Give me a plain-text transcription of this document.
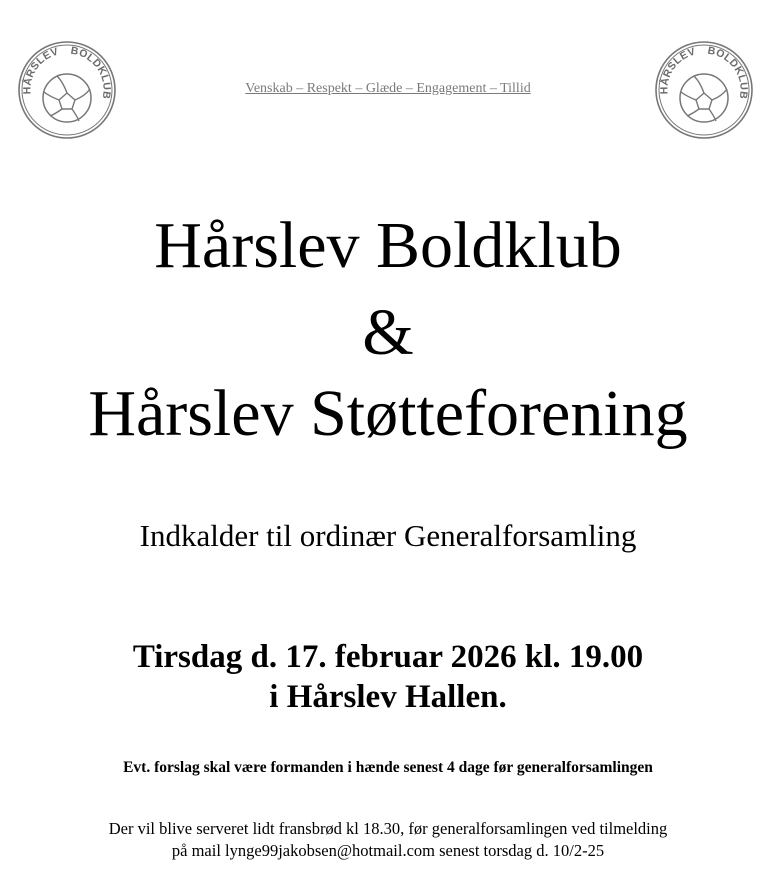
HÅRSLEV BOLDKLUB
HÅRSLEV BOLDKLUB
Venskab – Respekt – Glæde – Engagement – Tillid
Hårslev Boldklub
&
Hårslev Støtteforening
Indkalder til ordinær Generalforsamling
Tirsdag d. 17. februar 2026 kl. 19.00
i Hårslev Hallen.
Evt. forslag skal være formanden i hænde senest 4 dage før generalforsamlingen
Der vil blive serveret lidt fransbrød kl 18.30, før generalforsamlingen ved tilmelding
på mail lynge99jakobsen@hotmail.com senest torsdag d. 10/2-25
